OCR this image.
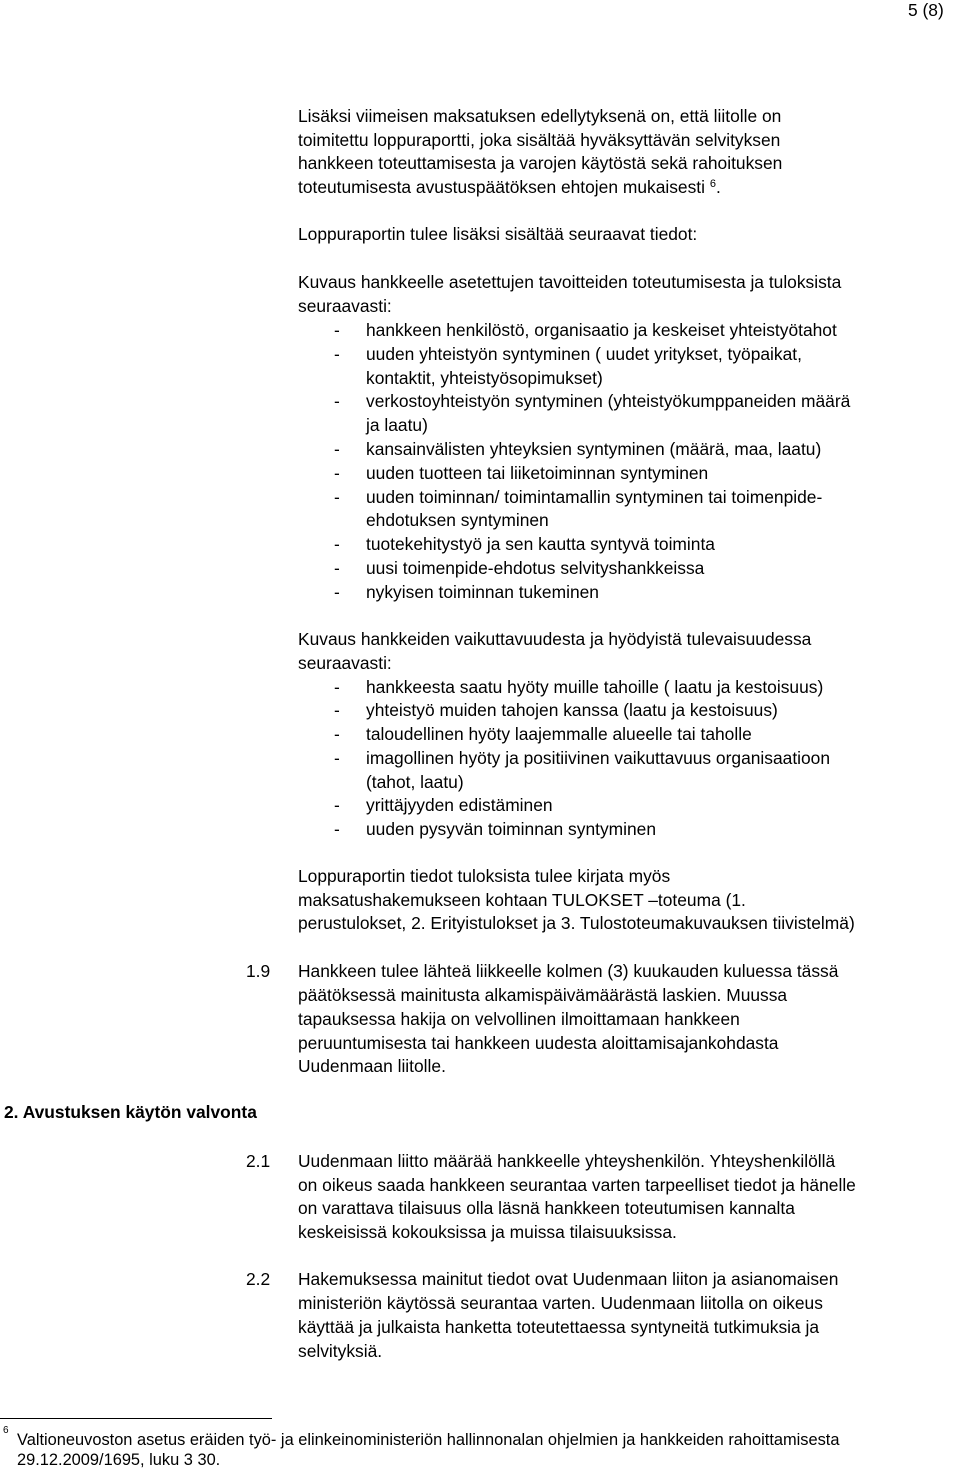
5 (8)
Lisäksi viimeisen maksatuksen edellytyksenä on, että liitolle on
toimitettu loppuraportti, joka sisältää hyväksyttävän selvityksen
hankkeen toteuttamisesta ja varojen käytöstä sekä rahoituksen
toteutumisesta avustuspäätöksen ehtojen mukaisesti $^6$.
Loppuraportin tulee lisäksi sisältää seuraavat tiedot:
Kuvaus hankkeelle asetettujen tavoitteiden toteutumisesta ja tuloksista
seuraavasti:
- hankkeen henkilöstö, organisaatio ja keskeiset yhteistyötahot
- uuden yhteistyön syntyminen ( uudet yritykset, työpaikat,
kontaktit, yhteistyösopimukset)
- verkostoyhteistyön syntyminen (yhteistyökumppaneiden määrä
ja laatu)
- kansainvälisten yhteyksien syntyminen (määrä, maa, laatu)
- uuden tuotteen tai liiketoiminnan syntyminen
- uuden toiminnan/ toimintamallin syntyminen tai toimenpide-
ehdotuksen syntyminen
- tuotekehitystyö ja sen kautta syntyvä toiminta
- uusi toimenpide-ehdotus selvityshankkeissa
- nykyisen toiminnan tukeminen
Kuvaus hankkeiden vaikuttavuudesta ja hyödyistä tulevaisuudessa
seuraavasti:
- hankkeesta saatu hyöty muille tahoille ( laatu ja kestoisuus)
- yhteistyö muiden tahojen kanssa (laatu ja kestoisuus)
- taloudellinen hyöty laajemmalle alueelle tai taholle
- imagollinen hyöty ja positiivinen vaikuttavuus organisaatioon
(tahot, laatu)
- yrittäjyyden edistäminen
- uuden pysyvän toiminnan syntyminen
Loppuraportin tiedot tuloksista tulee kirjata myös
maksatushakemukseen kohtaan TULOKSET –toteuma (1.
perustulokset, 2. Erityistulokset ja 3. Tulostoteumakuvauksen tiivistelmä)
1.9 Hankkeen tulee lähteä liikkeelle kolmen (3) kuukauden kuluessa tässä
päätöksessä mainitusta alkamispäivämäärästä laskien. Muussa
tapauksessa hakija on velvollinen ilmoittamaan hankkeen
peruuntumisesta tai hankkeen uudesta aloittamisajankohdasta
Uudenmaan liitolle.
2. Avustuksen käytön valvonta
2.1 Uudenmaan liitto määrää hankkeelle yhteyshenkilön. Yhteyshenkilöllä
on oikeus saada hankkeen seurantaa varten tarpeelliset tiedot ja hänelle
on varattava tilaisuus olla läsnä hankkeen toteutumisen kannalta
keskeisissä kokouksissa ja muissa tilaisuuksissa.
2.2 Hakemuksessa mainitut tiedot ovat Uudenmaan liiton ja asianomaisen
ministeriön käytössä seurantaa varten. Uudenmaan liitolla on oikeus
käyttää ja julkaista hanketta toteutettaessa syntyneitä tutkimuksia ja
selvityksiä.
6
Valtioneuvoston asetus eräiden työ- ja elinkeinoministeriön hallinnonalan ohjelmien ja hankkeiden rahoittamisesta
29.12.2009/1695, luku 3 30.
